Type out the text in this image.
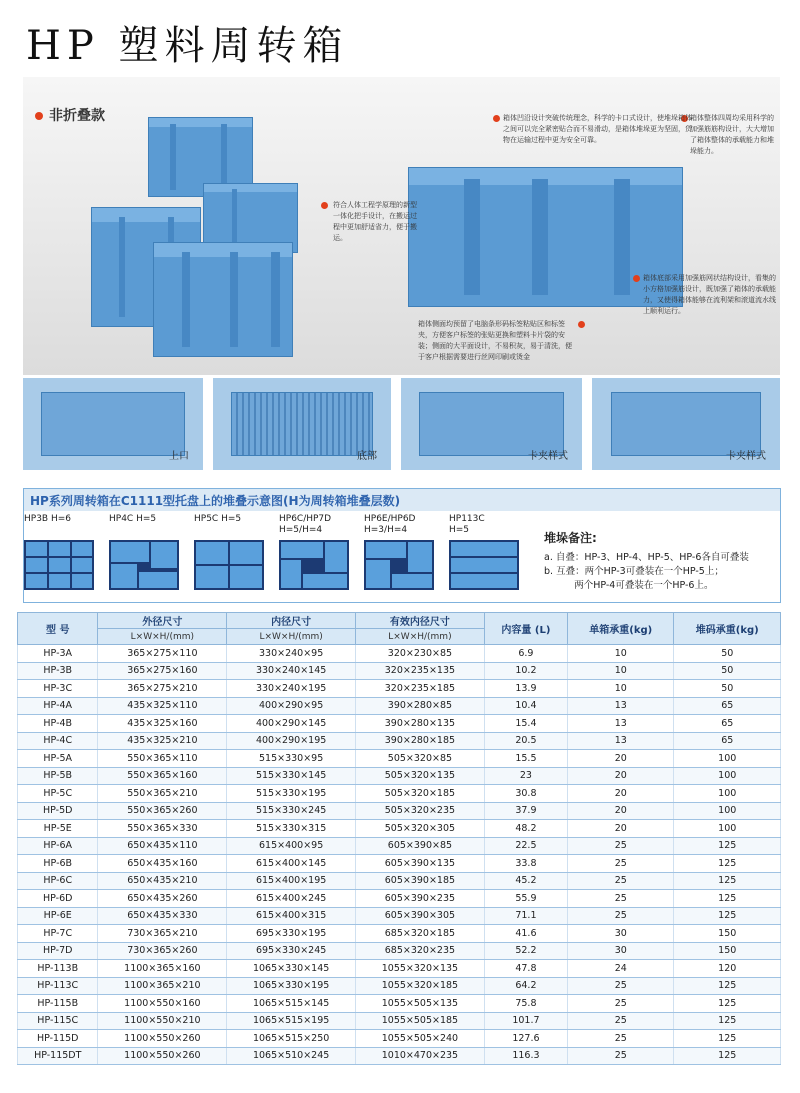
HP 塑料周转箱
非折叠款	箱体凹沿设计突破传统理念，科学的卡口式设计，使堆垛箱体之间可以完全紧密贴合而不易滑动，是箱体堆垛更为坚固，货物在运输过程中更为安全可靠。
箱体整体四周均采用科学的加强筋筋构设计，大大增加了箱体整体的承载能力和堆垛能力。
符合人体工程学原理的新型一体化把手设计，在搬运过程中更加舒适省力，便于搬运。
箱体底部采用加强筋网状结构设计，看集的小方格加强筋设计，既加强了箱体的承载能力，又使得箱体能够在流利架和滚道流水线上顺利运行。
箱体侧面均预留了电脑条形码标签粘贴区和标签夹，方便客户标签的张贴更换和塑料卡片袋的安装；侧面的大平面设计，不易积灰，易于清洗，便于客户根据需要进行丝网印刷或烫金
上口	底部	卡夹样式	卡夹样式
HP系列周转箱在C1111型托盘上的堆叠示意图(H为周转箱堆叠层数)
HP3B H=6	HP4C H=5	HP5C H=5	HP6C/HP7D
H=5/H=4
HP6E/HP6D
H=3/H=4
HP113C
H=5
堆垛备注:
a. 自叠：HP-3、HP-4、HP-5、HP-6各自可叠装
b. 互叠：两个HP-3可叠装在一个HP-5上；
两个HP-4可叠装在一个HP-6上。
型 号	外径尺寸	内径尺寸	有效内径尺寸	内容量 (L)	单箱承重(kg)	堆码承重(kg)
	L×W×H/(mm)	L×W×H/(mm)	L×W×H/(mm)			
HP-3A	365×275×110	330×240×95	320×230×85	6.9	10	50
HP-3B	365×275×160	330×240×145	320×235×135	10.2	10	50
HP-3C	365×275×210	330×240×195	320×235×185	13.9	10	50
HP-4A	435×325×110	400×290×95	390×280×85	10.4	13	65
HP-4B	435×325×160	400×290×145	390×280×135	15.4	13	65
HP-4C	435×325×210	400×290×195	390×280×185	20.5	13	65
HP-5A	550×365×110	515×330×95	505×320×85	15.5	20	100
HP-5B	550×365×160	515×330×145	505×320×135	23	20	100
HP-5C	550×365×210	515×330×195	505×320×185	30.8	20	100
HP-5D	550×365×260	515×330×245	505×320×235	37.9	20	100
HP-5E	550×365×330	515×330×315	505×320×305	48.2	20	100
HP-6A	650×435×110	615×400×95	605×390×85	22.5	25	125
HP-6B	650×435×160	615×400×145	605×390×135	33.8	25	125
HP-6C	650×435×210	615×400×195	605×390×185	45.2	25	125
HP-6D	650×435×260	615×400×245	605×390×235	55.9	25	125
HP-6E	650×435×330	615×400×315	605×390×305	71.1	25	125
HP-7C	730×365×210	695×330×195	685×320×185	41.6	30	150
HP-7D	730×365×260	695×330×245	685×320×235	52.2	30	150
HP-113B	1100×365×160	1065×330×145	1055×320×135	47.8	24	120
HP-113C	1100×365×210	1065×330×195	1055×320×185	64.2	25	125
HP-115B	1100×550×160	1065×515×145	1055×505×135	75.8	25	125
HP-115C	1100×550×210	1065×515×195	1055×505×185	101.7	25	125
HP-115D	1100×550×260	1065×515×250	1055×505×240	127.6	25	125
HP-115DT	1100×550×260	1065×510×245	1010×470×235	116.3	25	125
